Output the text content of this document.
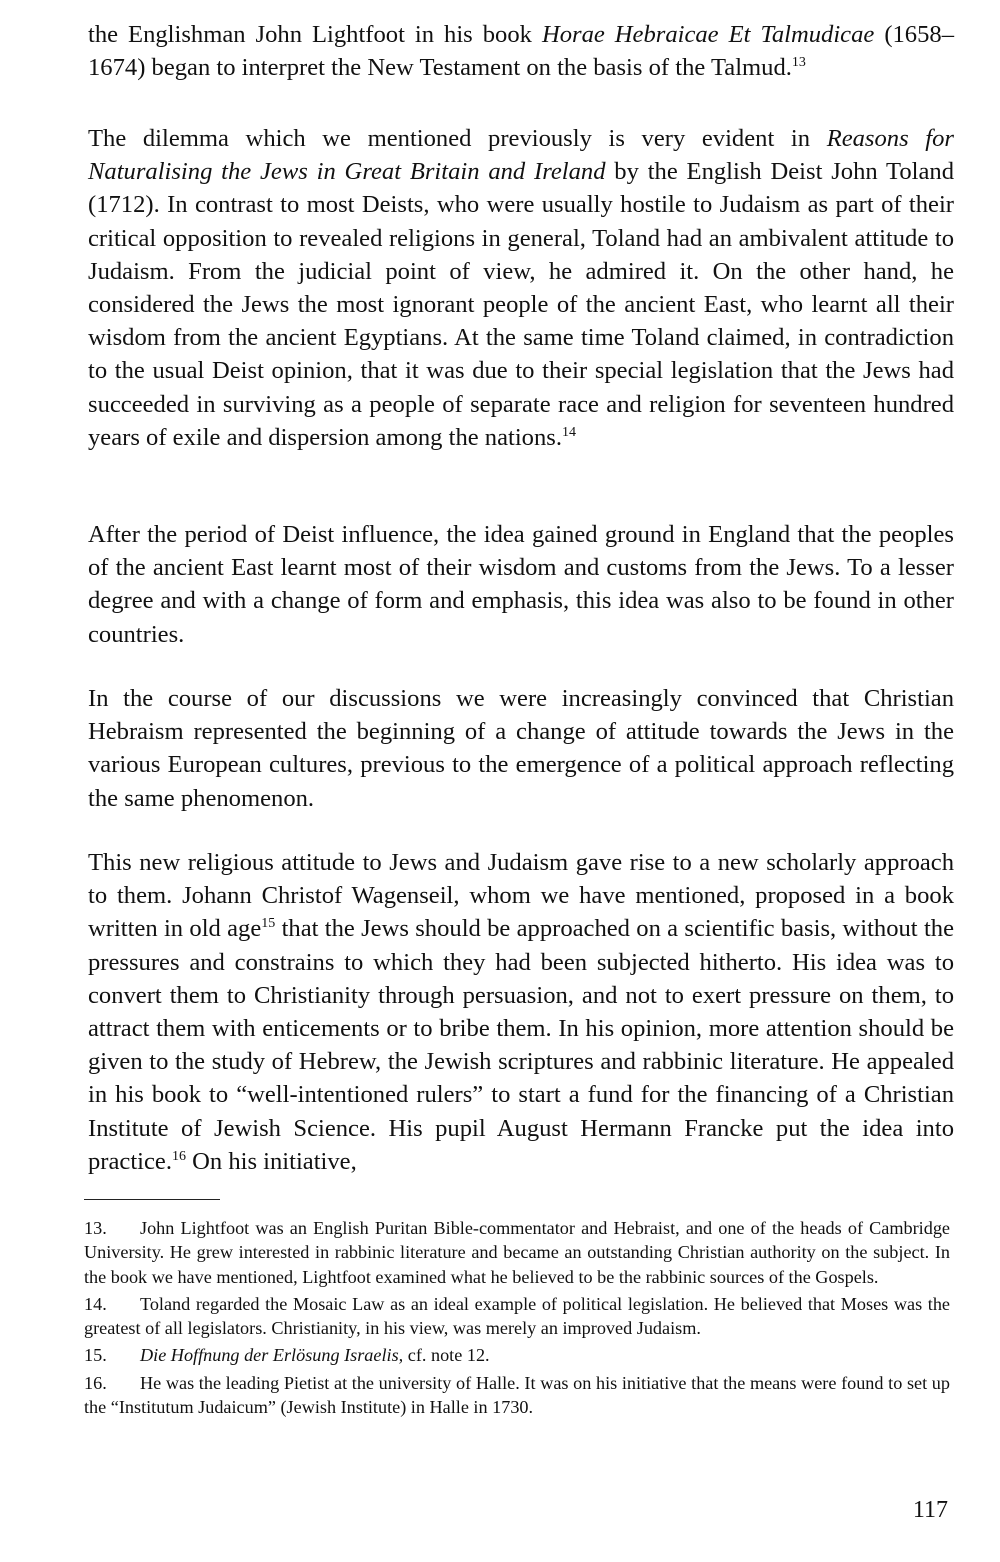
the Englishman John Lightfoot in his book Horae Hebraicae Et Talmudicae (1658–1674) began to interpret the New Testament on the basis of the Talmud.$^{13}$

The dilemma which we mentioned previously is very evident in Reasons for Naturalising the Jews in Great Britain and Ireland by the English Deist John Toland (1712). In contrast to most Deists, who were usually hostile to Judaism as part of their critical opposition to revealed religions in general, Toland had an ambivalent attitude to Judaism. From the judicial point of view, he admired it. On the other hand, he considered the Jews the most ignorant people of the ancient East, who learnt all their wisdom from the ancient Egyptians. At the same time Toland claimed, in contradiction to the usual Deist opinion, that it was due to their special legislation that the Jews had succeeded in surviving as a people of separate race and religion for seventeen hundred years of exile and dispersion among the nations.$^{14}$

After the period of Deist influence, the idea gained ground in England that the peoples of the ancient East learnt most of their wisdom and customs from the Jews. To a lesser degree and with a change of form and emphasis, this idea was also to be found in other countries.

In the course of our discussions we were increasingly convinced that Christian Hebraism represented the beginning of a change of attitude towards the Jews in the various European cultures, previous to the emergence of a political approach reflecting the same phenomenon.

This new religious attitude to Jews and Judaism gave rise to a new scholarly approach to them. Johann Christof Wagenseil, whom we have mentioned, proposed in a book written in old age$^{15}$ that the Jews should be approached on a scientific basis, without the pressures and constrains to which they had been subjected hitherto. His idea was to convert them to Christianity through persuasion, and not to exert pressure on them, to attract them with enticements or to bribe them. In his opinion, more attention should be given to the study of Hebrew, the Jewish scriptures and rabbinic literature. He appealed in his book to “well-intentioned rulers” to start a fund for the financing of a Christian Institute of Jewish Science. His pupil August Hermann Francke put the idea into practice.$^{16}$ On his initiative,

13. John Lightfoot was an English Puritan Bible-commentator and Hebraist, and one of the heads of Cambridge University. He grew interested in rabbinic literature and became an outstanding Christian authority on the subject. In the book we have mentioned, Lightfoot examined what he believed to be the rabbinic sources of the Gospels.

14. Toland regarded the Mosaic Law as an ideal example of political legislation. He believed that Moses was the greatest of all legislators. Christianity, in his view, was merely an improved Judaism.

15. Die Hoffnung der Erlösung Israelis, cf. note 12.

16. He was the leading Pietist at the university of Halle. It was on his initiative that the means were found to set up the “Institutum Judaicum” (Jewish Institute) in Halle in 1730.

117
